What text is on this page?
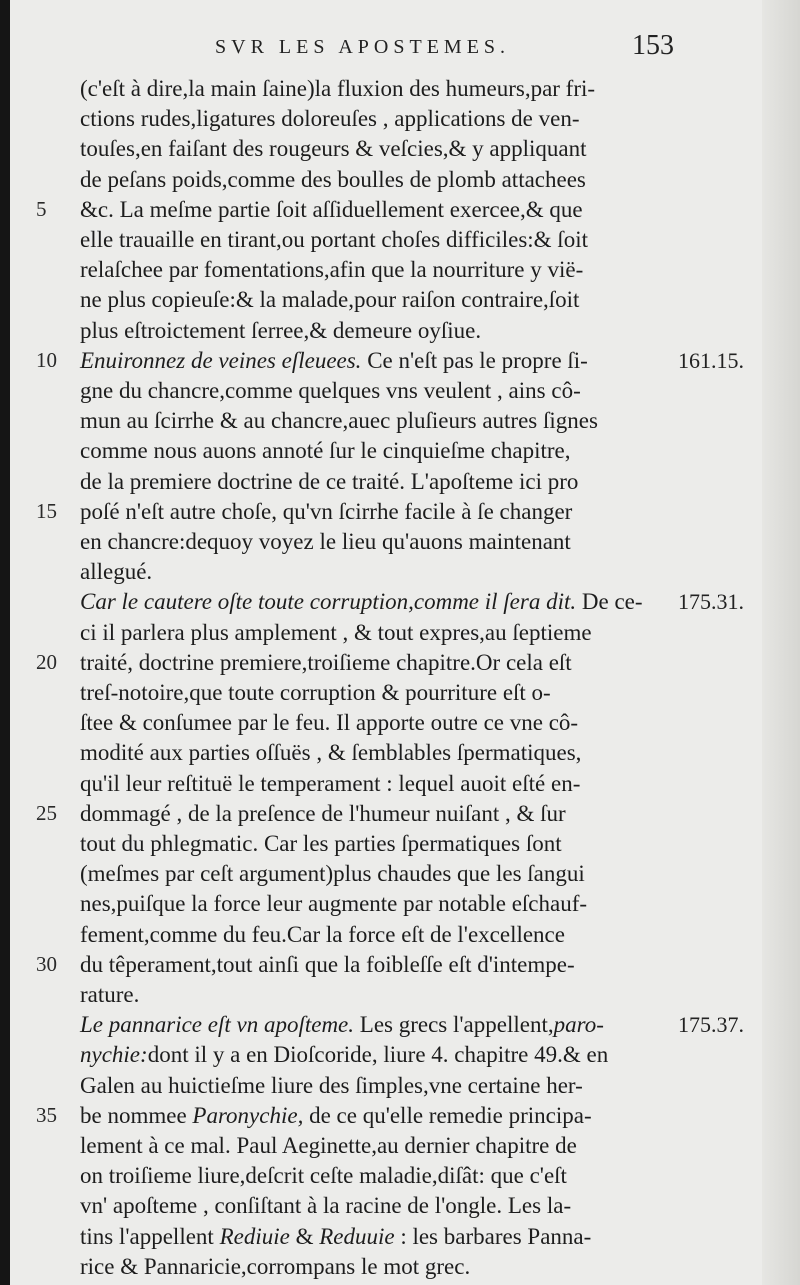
SVR LES APOSTEMES.	153
(c'eſt à dire,la main ſaine)la fluxion des humeurs,par fri-
ctions rudes,ligatures doloreuſes , applications de ven-
touſes,en faiſant des rougeurs & veſcies,& y appliquant
de peſans poids,comme des boulles de plomb attachees
&c. La meſme partie ſoit aſſiduellement exercee,& que
elle trauaille en tirant,ou portant choſes difficiles:& ſoit
relaſchee par fomentations,afin que la nourriture y vië-
ne plus copieuſe:& la malade,pour raiſon contraire,ſoit
plus eſtroictement ſerree,& demeure oyſiue.
Enuironnez de veines eſleuees. Ce n'eſt pas le propre ſi-
gne du chancre,comme quelques vns veulent , ains cô-
mun au ſcirrhe & au chancre,auec pluſieurs autres ſignes
comme nous auons annoté ſur le cinquieſme chapitre,
de la premiere doctrine de ce traité. L'apoſteme ici pro
poſé n'eſt autre choſe, qu'vn ſcirrhe facile à ſe changer
en chancre:dequoy voyez le lieu qu'auons maintenant
allegué.
Car le cautere oſte toute corruption,comme il ſera dit. De ce-
ci il parlera plus amplement , & tout expres,au ſeptieme
traité, doctrine premiere,troiſieme chapitre.Or cela eſt
treſ-notoire,que toute corruption & pourriture eſt o-
ſtee & conſumee par le feu. Il apporte outre ce vne cô-
modité aux parties oſſuës , & ſemblables ſpermatiques,
qu'il leur reſtituë le temperament : lequel auoit eſté en-
dommagé , de la preſence de l'humeur nuiſant , & ſur
tout du phlegmatic. Car les parties ſpermatiques ſont
(meſmes par ceſt argument)plus chaudes que les ſangui
nes,puiſque la force leur augmente par notable eſchauf-
fement,comme du feu.Car la force eſt de l'excellence
du têperament,tout ainſi que la foibleſſe eſt d'intempe-
rature.
Le pannarice eſt vn apoſteme. Les grecs l'appellent,paro-
nychie:dont il y a en Dioſcoride, liure 4. chapitre 49.& en
Galen au huictieſme liure des ſimples,vne certaine her-
be nommee Paronychie, de ce qu'elle remedie principa-
lement à ce mal. Paul Aeginette,au dernier chapitre de
on troiſieme liure,deſcrit ceſte maladie,diſât: que c'eſt
vn' apoſteme , conſiſtant à la racine de l'ongle. Les la-
tins l'appellent Rediuie & Reduuie : les barbares Panna-
rice & Pannaricie,corrompans le mot grec.
5
10
15
20
25
30
35
161.15.
175.31.
175.37.
